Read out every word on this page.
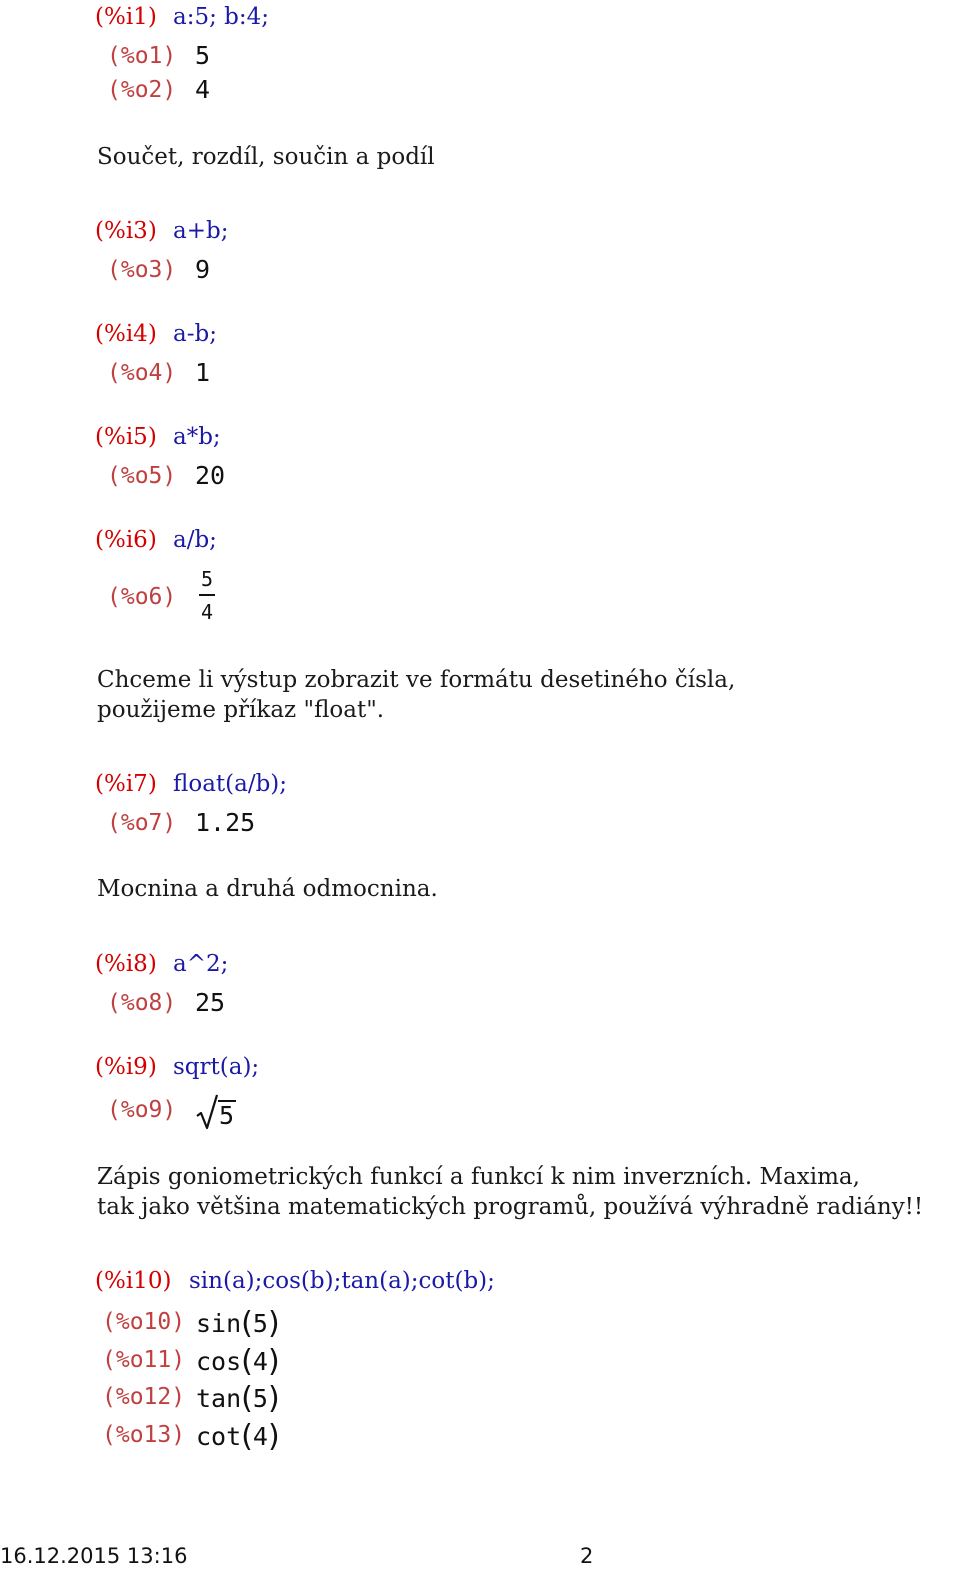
(%i1) a:5; b:4;
(%o1) 5
(%o2) 4
Součet, rozdíl, součin a podíl
(%i3) a+b;
(%o3) 9
(%i4) a-b;
(%o4) 1
(%i5) a*b;
(%o5) 20
(%i6) a/b;
(%o6)
5
4
Chceme li výstup zobrazit ve formátu desetiného čísla,
použijeme příkaz "float".
(%i7) float(a/b);
(%o7) 1.25
Mocnina a druhá odmocnina.
(%i8) a^2;
(%o8) 25
(%i9) sqrt(a);
(%o9) 5
Zápis goniometrických funkcí a funkcí k nim inverzních. Maxima,
tak jako většina matematických programů, používá výhradně radiány!!
(%i10) sin(a);cos(b);tan(a);cot(b);
(%o10) sin(5)
(%o11) cos(4)
(%o12) tan(5)
(%o13) cot(4)
16.12.2015 13:16	2
